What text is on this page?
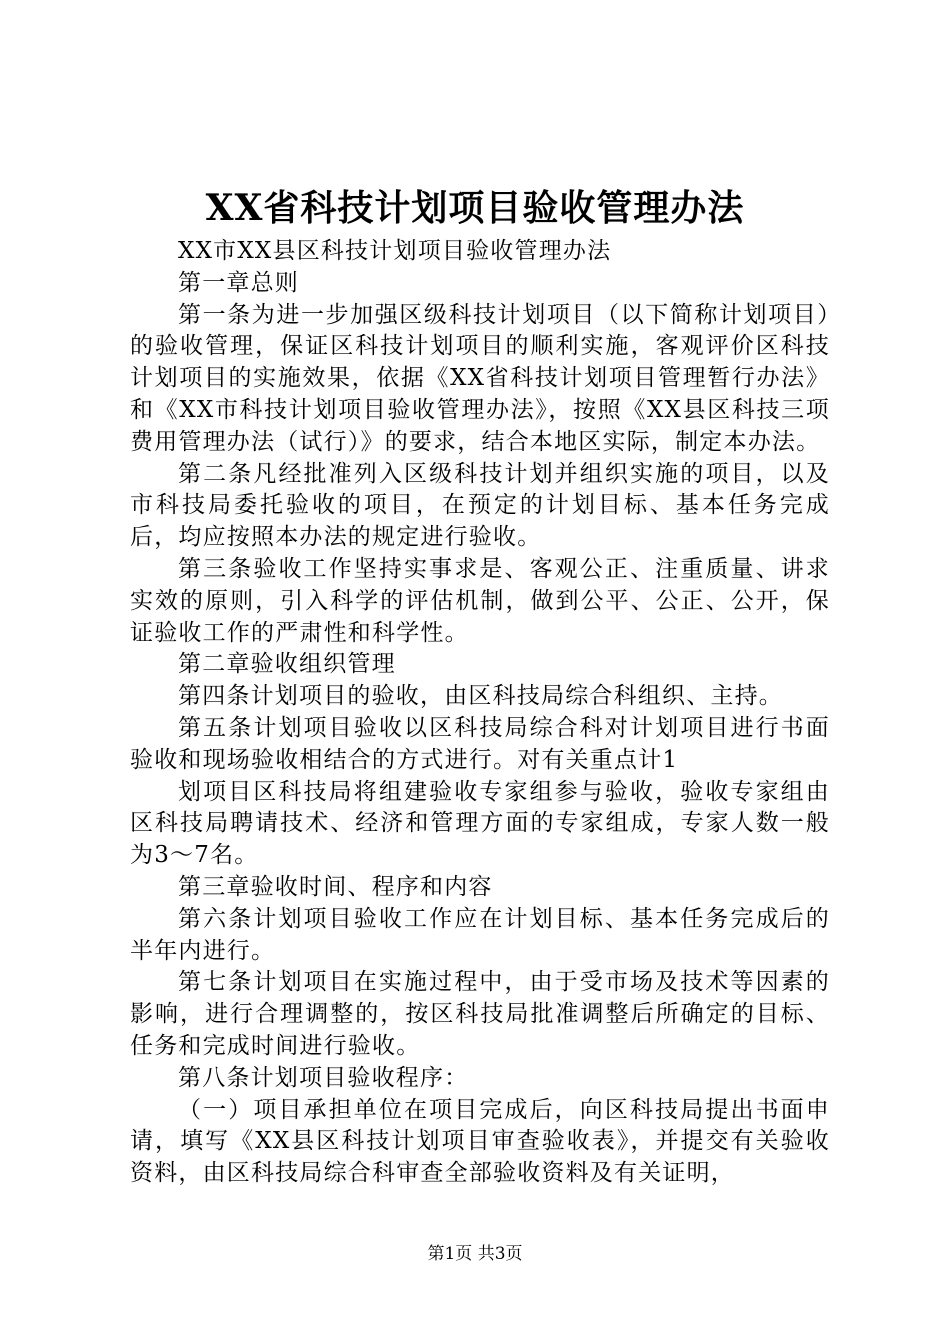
XX省科技计划项目验收管理办法

XX市XX县区科技计划项目验收管理办法

第一章总则

第一条为进一步加强区级科技计划项目（以下简称计划项目）的验收管理，保证区科技计划项目的顺利实施，客观评价区科技计划项目的实施效果，依据《XX省科技计划项目管理暂行办法》和《XX市科技计划项目验收管理办法》，按照《XX县区科技三项费用管理办法（试行）》的要求，结合本地区实际，制定本办法。

第二条凡经批准列入区级科技计划并组织实施的项目，以及市科技局委托验收的项目，在预定的计划目标、基本任务完成后，均应按照本办法的规定进行验收。

第三条验收工作坚持实事求是、客观公正、注重质量、讲求实效的原则，引入科学的评估机制，做到公平、公正、公开，保证验收工作的严肃性和科学性。

第二章验收组织管理

第四条计划项目的验收，由区科技局综合科组织、主持。

第五条计划项目验收以区科技局综合科对计划项目进行书面验收和现场验收相结合的方式进行。对有关重点计1

划项目区科技局将组建验收专家组参与验收，验收专家组由区科技局聘请技术、经济和管理方面的专家组成，专家人数一般为3～7名。

第三章验收时间、程序和内容

第六条计划项目验收工作应在计划目标、基本任务完成后的半年内进行。

第七条计划项目在实施过程中，由于受市场及技术等因素的影响，进行合理调整的，按区科技局批准调整后所确定的目标、任务和完成时间进行验收。

第八条计划项目验收程序：

（一）项目承担单位在项目完成后，向区科技局提出书面申请，填写《XX县区科技计划项目审查验收表》，并提交有关验收资料，由区科技局综合科审查全部验收资料及有关证明，

第1页 共3页
